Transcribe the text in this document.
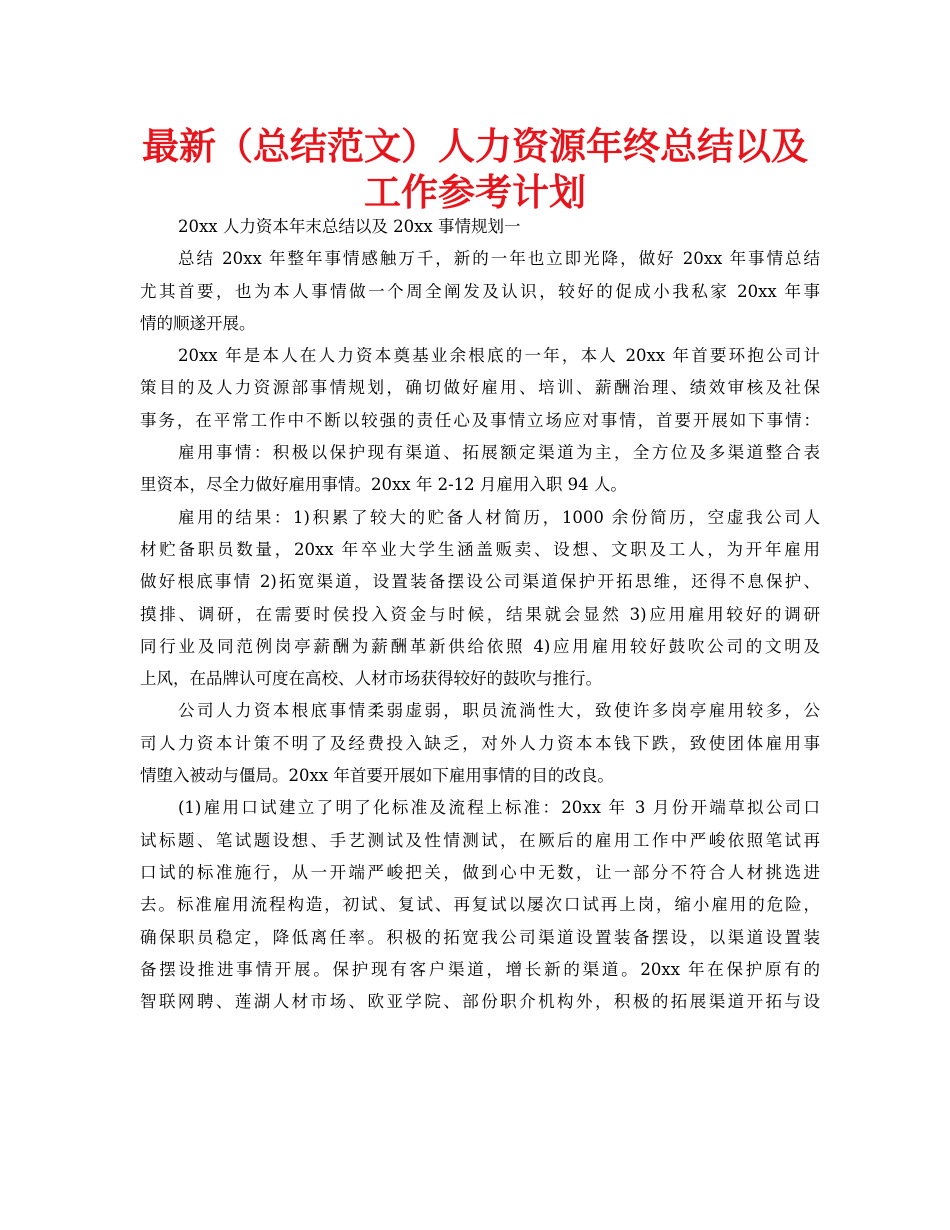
最新（总结范文）人力资源年终总结以及
工作参考计划
20xx 人力资本年末总结以及 20xx 事情规划一
总结 20xx 年整年事情感触万千，新的一年也立即光降，做好 20xx 年事情总结
尤其首要，也为本人事情做一个周全阐发及认识，较好的促成小我私家 20xx 年事
情的顺遂开展。
20xx 年是本人在人力资本奠基业余根底的一年，本人 20xx 年首要环抱公司计
策目的及人力资源部事情规划，确切做好雇用、培训、薪酬治理、绩效审核及社保
事务，在平常工作中不断以较强的责任心及事情立场应对事情，首要开展如下事情：
雇用事情：积极以保护现有渠道、拓展额定渠道为主，全方位及多渠道整合表
里资本，尽全力做好雇用事情。20xx 年 2-12 月雇用入职 94 人。
雇用的结果：1)积累了较大的贮备人材简历，1000 余份简历，空虚我公司人
材贮备职员数量，20xx 年卒业大学生涵盖贩卖、设想、文职及工人，为开年雇用
做好根底事情 2)拓宽渠道，设置装备摆设公司渠道保护开拓思维，还得不息保护、
摸排、调研，在需要时侯投入资金与时候，结果就会显然 3)应用雇用较好的调研
同行业及同范例岗亭薪酬为薪酬革新供给依照 4)应用雇用较好鼓吹公司的文明及
上风，在品牌认可度在高校、人材市场获得较好的鼓吹与推行。
公司人力资本根底事情柔弱虚弱，职员流淌性大，致使许多岗亭雇用较多，公
司人力资本计策不明了及经费投入缺乏，对外人力资本本钱下跌，致使团体雇用事
情堕入被动与僵局。20xx 年首要开展如下雇用事情的目的改良。
(1)雇用口试建立了明了化标准及流程上标准：20xx 年 3 月份开端草拟公司口
试标题、笔试题设想、手艺测试及性情测试，在厥后的雇用工作中严峻依照笔试再
口试的标准施行，从一开端严峻把关，做到心中无数，让一部分不符合人材挑选进
去。标准雇用流程构造，初试、复试、再复试以屡次口试再上岗，缩小雇用的危险，
确保职员稳定，降低离任率。积极的拓宽我公司渠道设置装备摆设，以渠道设置装
备摆设推进事情开展。保护现有客户渠道，增长新的渠道。20xx 年在保护原有的
智联网聘、莲湖人材市场、欧亚学院、部份职介机构外，积极的拓展渠道开拓与设
